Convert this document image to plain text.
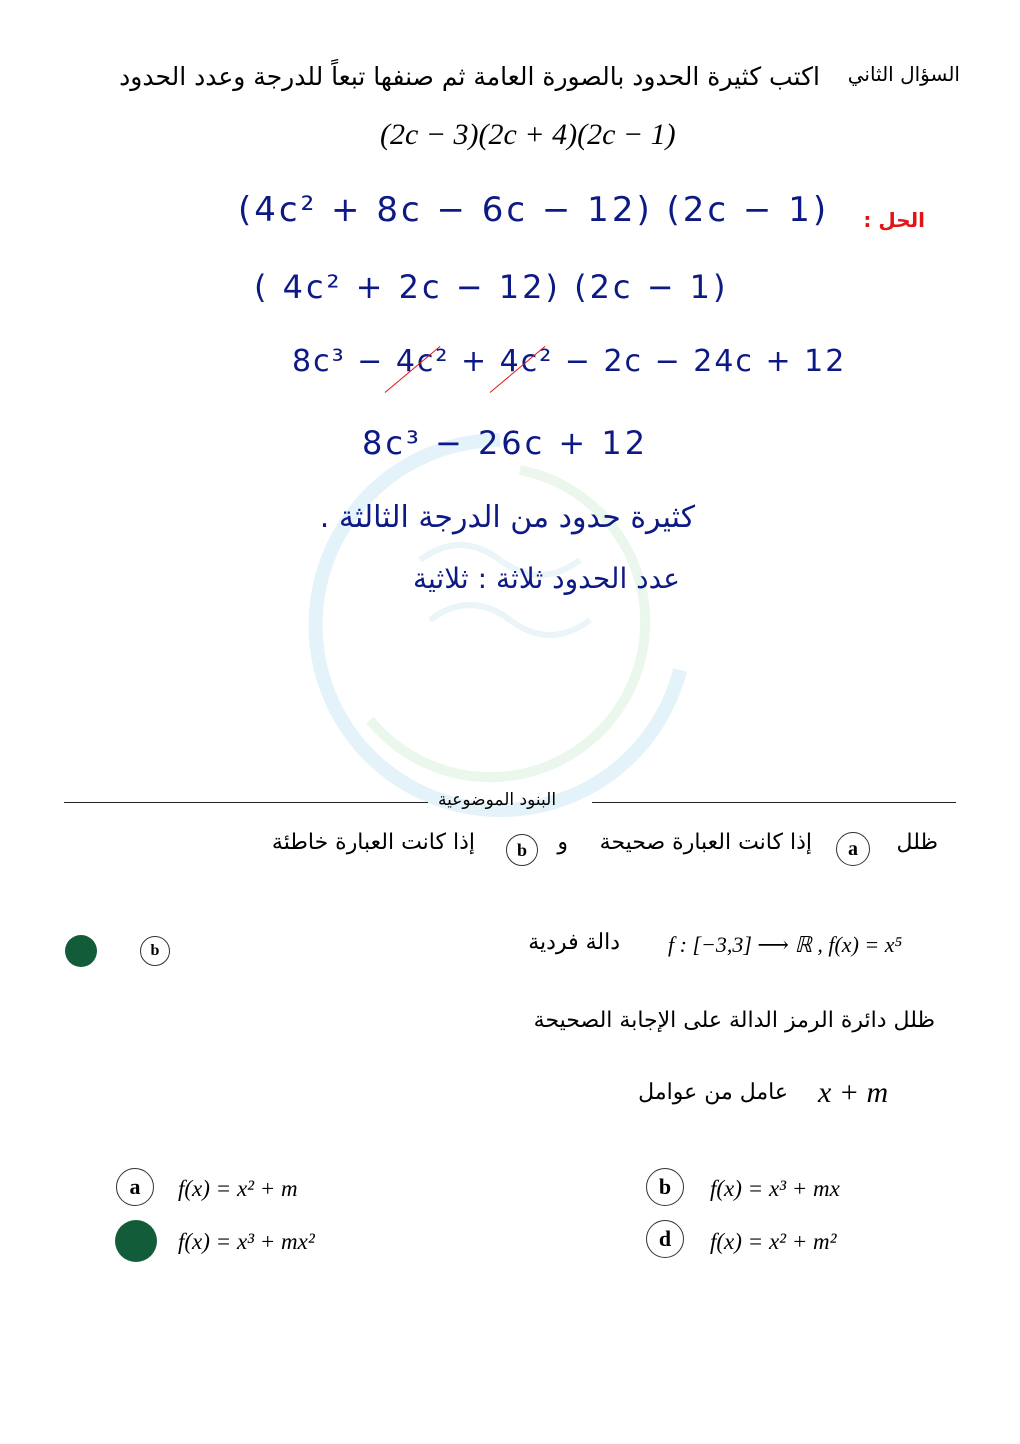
السؤال الثاني
اكتب كثيرة الحدود بالصورة العامة ثم صنفها تبعاً للدرجة وعدد الحدود
(2c − 3)(2c + 4)(2c − 1)
الحل :
(4c² + 8c − 6c − 12) (2c − 1)
( 4c² + 2c − 12) (2c − 1)
8c³ − 4c² + 4c² − 2c − 24c + 12
8c³ − 26c + 12
كثيرة حدود من الدرجة الثالثة .
عدد الحدود ثلاثة : ثلاثية
البنود الموضوعية
ظلل
a
إذا كانت العبارة صحيحة
و
b
إذا كانت العبارة خاطئة
f : [−3,3] ⟶ ℝ , f(x) = x⁵
دالة فردية
b
ظلل دائرة الرمز الدالة على الإجابة الصحيحة
x + m
عامل من عوامل
a f(x) = x² + m	b f(x) = x³ + mx
f(x) = x³ + mx²	d f(x) = x² + m²
